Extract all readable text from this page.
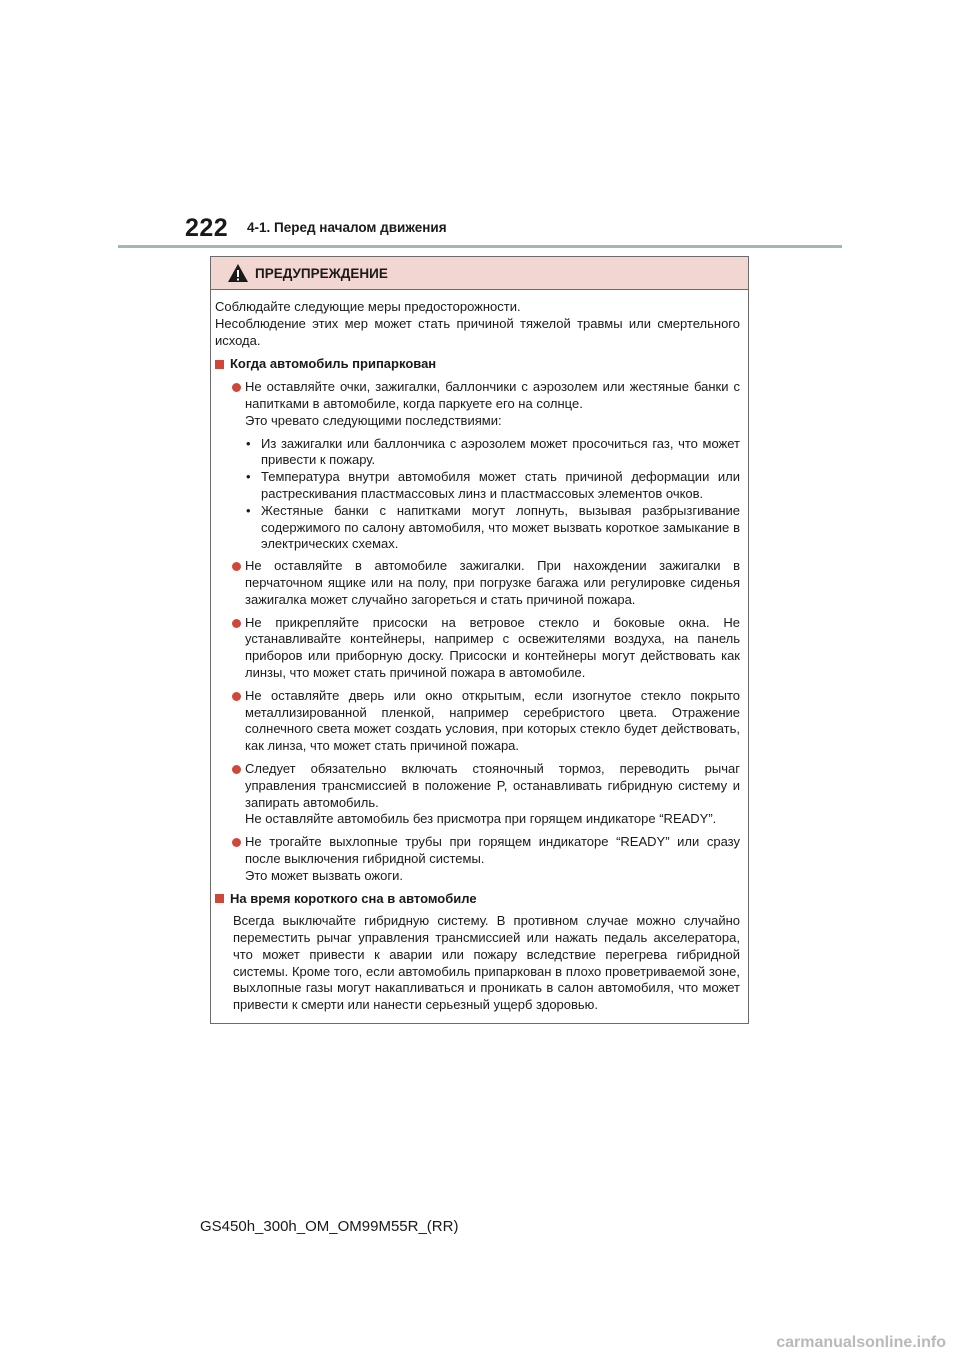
222 4-1. Перед началом движения
ПРЕДУПРЕЖДЕНИЕ

Соблюдайте следующие меры предосторожности.

Несоблюдение этих мер может стать причиной тяжелой травмы или смертельного исхода.

Когда автомобиль припаркован

Не оставляйте очки, зажигалки, баллончики с аэрозолем или жестяные банки с напитками в автомобиле, когда паркуете его на солнце.

Это чревато следующими последствиями:

• Из зажигалки или баллончика с аэрозолем может просочиться газ, что может привести к пожару.

• Температура внутри автомобиля может стать причиной деформации или растрескивания пластмассовых линз и пластмассовых элементов очков.

• Жестяные банки с напитками могут лопнуть, вызывая разбрызгивание содержимого по салону автомобиля, что может вызвать короткое замыкание в электрических схемах.

Не оставляйте в автомобиле зажигалки. При нахождении зажигалки в перчаточном ящике или на полу, при погрузке багажа или регулировке сиденья зажигалка может случайно загореться и стать причиной пожара.

Не прикрепляйте присоски на ветровое стекло и боковые окна. Не устанавливайте контейнеры, например с освежителями воздуха, на панель приборов или приборную доску. Присоски и контейнеры могут действовать как линзы, что может стать причиной пожара в автомобиле.

Не оставляйте дверь или окно открытым, если изогнутое стекло покрыто металлизированной пленкой, например серебристого цвета. Отражение солнечного света может создать условия, при которых стекло будет действовать, как линза, что может стать причиной пожара.

Следует обязательно включать стояночный тормоз, переводить рычаг управления трансмиссией в положение P, останавливать гибридную систему и запирать автомобиль.

Не оставляйте автомобиль без присмотра при горящем индикаторе “READY”.

Не трогайте выхлопные трубы при горящем индикаторе “READY” или сразу после выключения гибридной системы.

Это может вызвать ожоги.

На время короткого сна в автомобиле

Всегда выключайте гибридную систему. В противном случае можно случайно переместить рычаг управления трансмиссией или нажать педаль акселератора, что может привести к аварии или пожару вследствие перегрева гибридной системы. Кроме того, если автомобиль припаркован в плохо проветриваемой зоне, выхлопные газы могут накапливаться и проникать в салон автомобиля, что может привести к смерти или нанести серьезный ущерб здоровью.

GS450h_300h_OM_OM99M55R_(RR)
carmanualsonline.info
